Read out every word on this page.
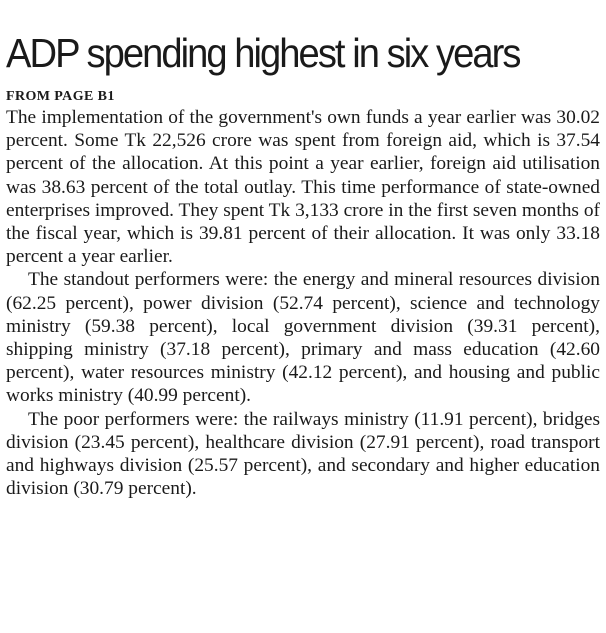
ADP spending highest in six years
FROM PAGE B1

The implementation of the government's own funds a year earlier was 30.02 percent. Some Tk 22,526 crore was spent from foreign aid, which is 37.54 percent of the allocation. At this point a year earlier, foreign aid utilisation was 38.63 percent of the total outlay. This time performance of state-owned enterprises improved. They spent Tk 3,133 crore in the first seven months of the fiscal year, which is 39.81 percent of their allocation. It was only 33.18 percent a year earlier.

The standout performers were: the energy and mineral resources division (62.25 percent), power division (52.74 percent), science and technology ministry (59.38 percent), local government division (39.31 percent), shipping ministry (37.18 percent), primary and mass education (42.60 percent), water resources ministry (42.12 percent), and housing and public works ministry (40.99 percent).

The poor performers were: the railways ministry (11.91 percent), bridges division (23.45 percent), healthcare division (27.91 percent), road transport and highways division (25.57 percent), and secondary and higher education division (30.79 percent).
